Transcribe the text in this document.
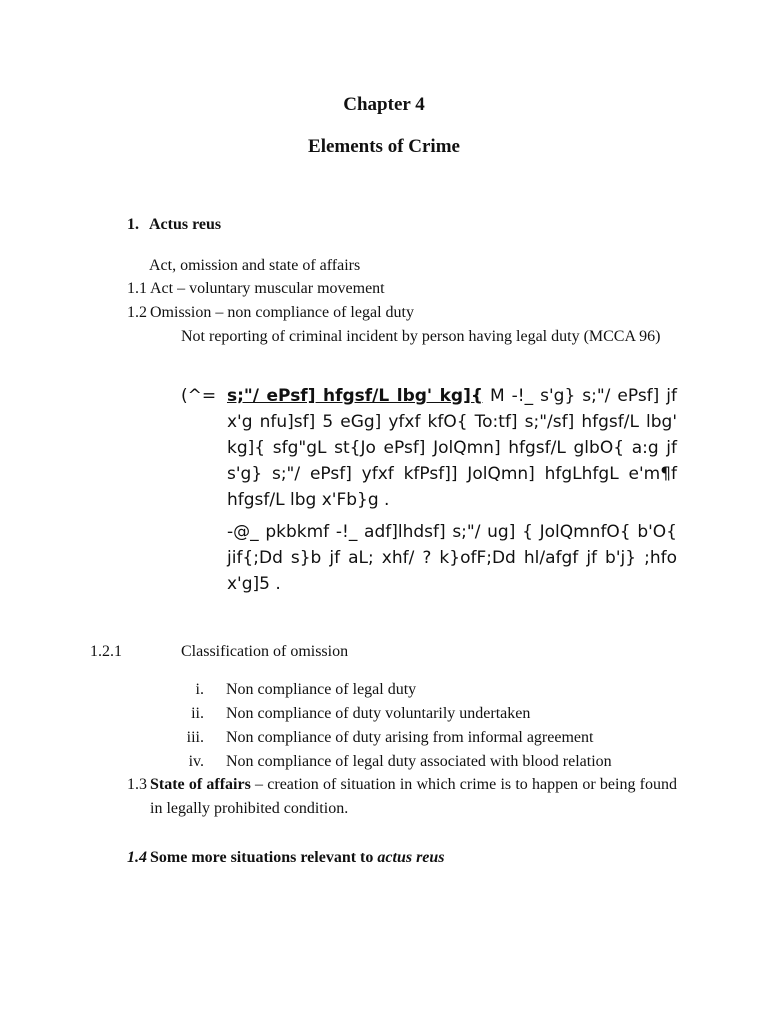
Chapter 4
Elements of Crime
1. Actus reus
Act, omission and state of affairs
1.1 Act – voluntary muscular movement
1.2 Omission – non compliance of legal duty
Not reporting of criminal incident by person having legal duty (MCCA 96)
(^= s;"/ ePsf] hfgsf/L lbg' kg]{ M -!_ s'g} s;"/ ePsf] jf x'g nfu]sf] 5 eGg] yfxf kfO{ To:tf] s;"/sf] hfgsf/L lbg' kg]{ sfg"gL st{Jo ePsf] JolQmn] hfgsf/L glbO{ a:g jf s'g} s;"/ ePsf] yfxf kfPsf]] JolQmn] hfgLhfgL e'm¶f hfgsf/L lbg x'Fb}g .
-@_ pkbkmf -!_ adf]lhdsf] s;"/ ug] { JolQmnfO{ b'O{ jif{;Dd s}b jf aL; xhf/ ? k}ofF;Dd hl/afgf jf b'j} ;hfo x'g]5 .
1.2.1	Classification of omission
i. Non compliance of legal duty
ii. Non compliance of duty voluntarily undertaken
iii. Non compliance of duty arising from informal agreement
iv. Non compliance of legal duty associated with blood relation
1.3 State of affairs – creation of situation in which crime is to happen or being found in legally prohibited condition.
1.4 Some more situations relevant to actus reus
